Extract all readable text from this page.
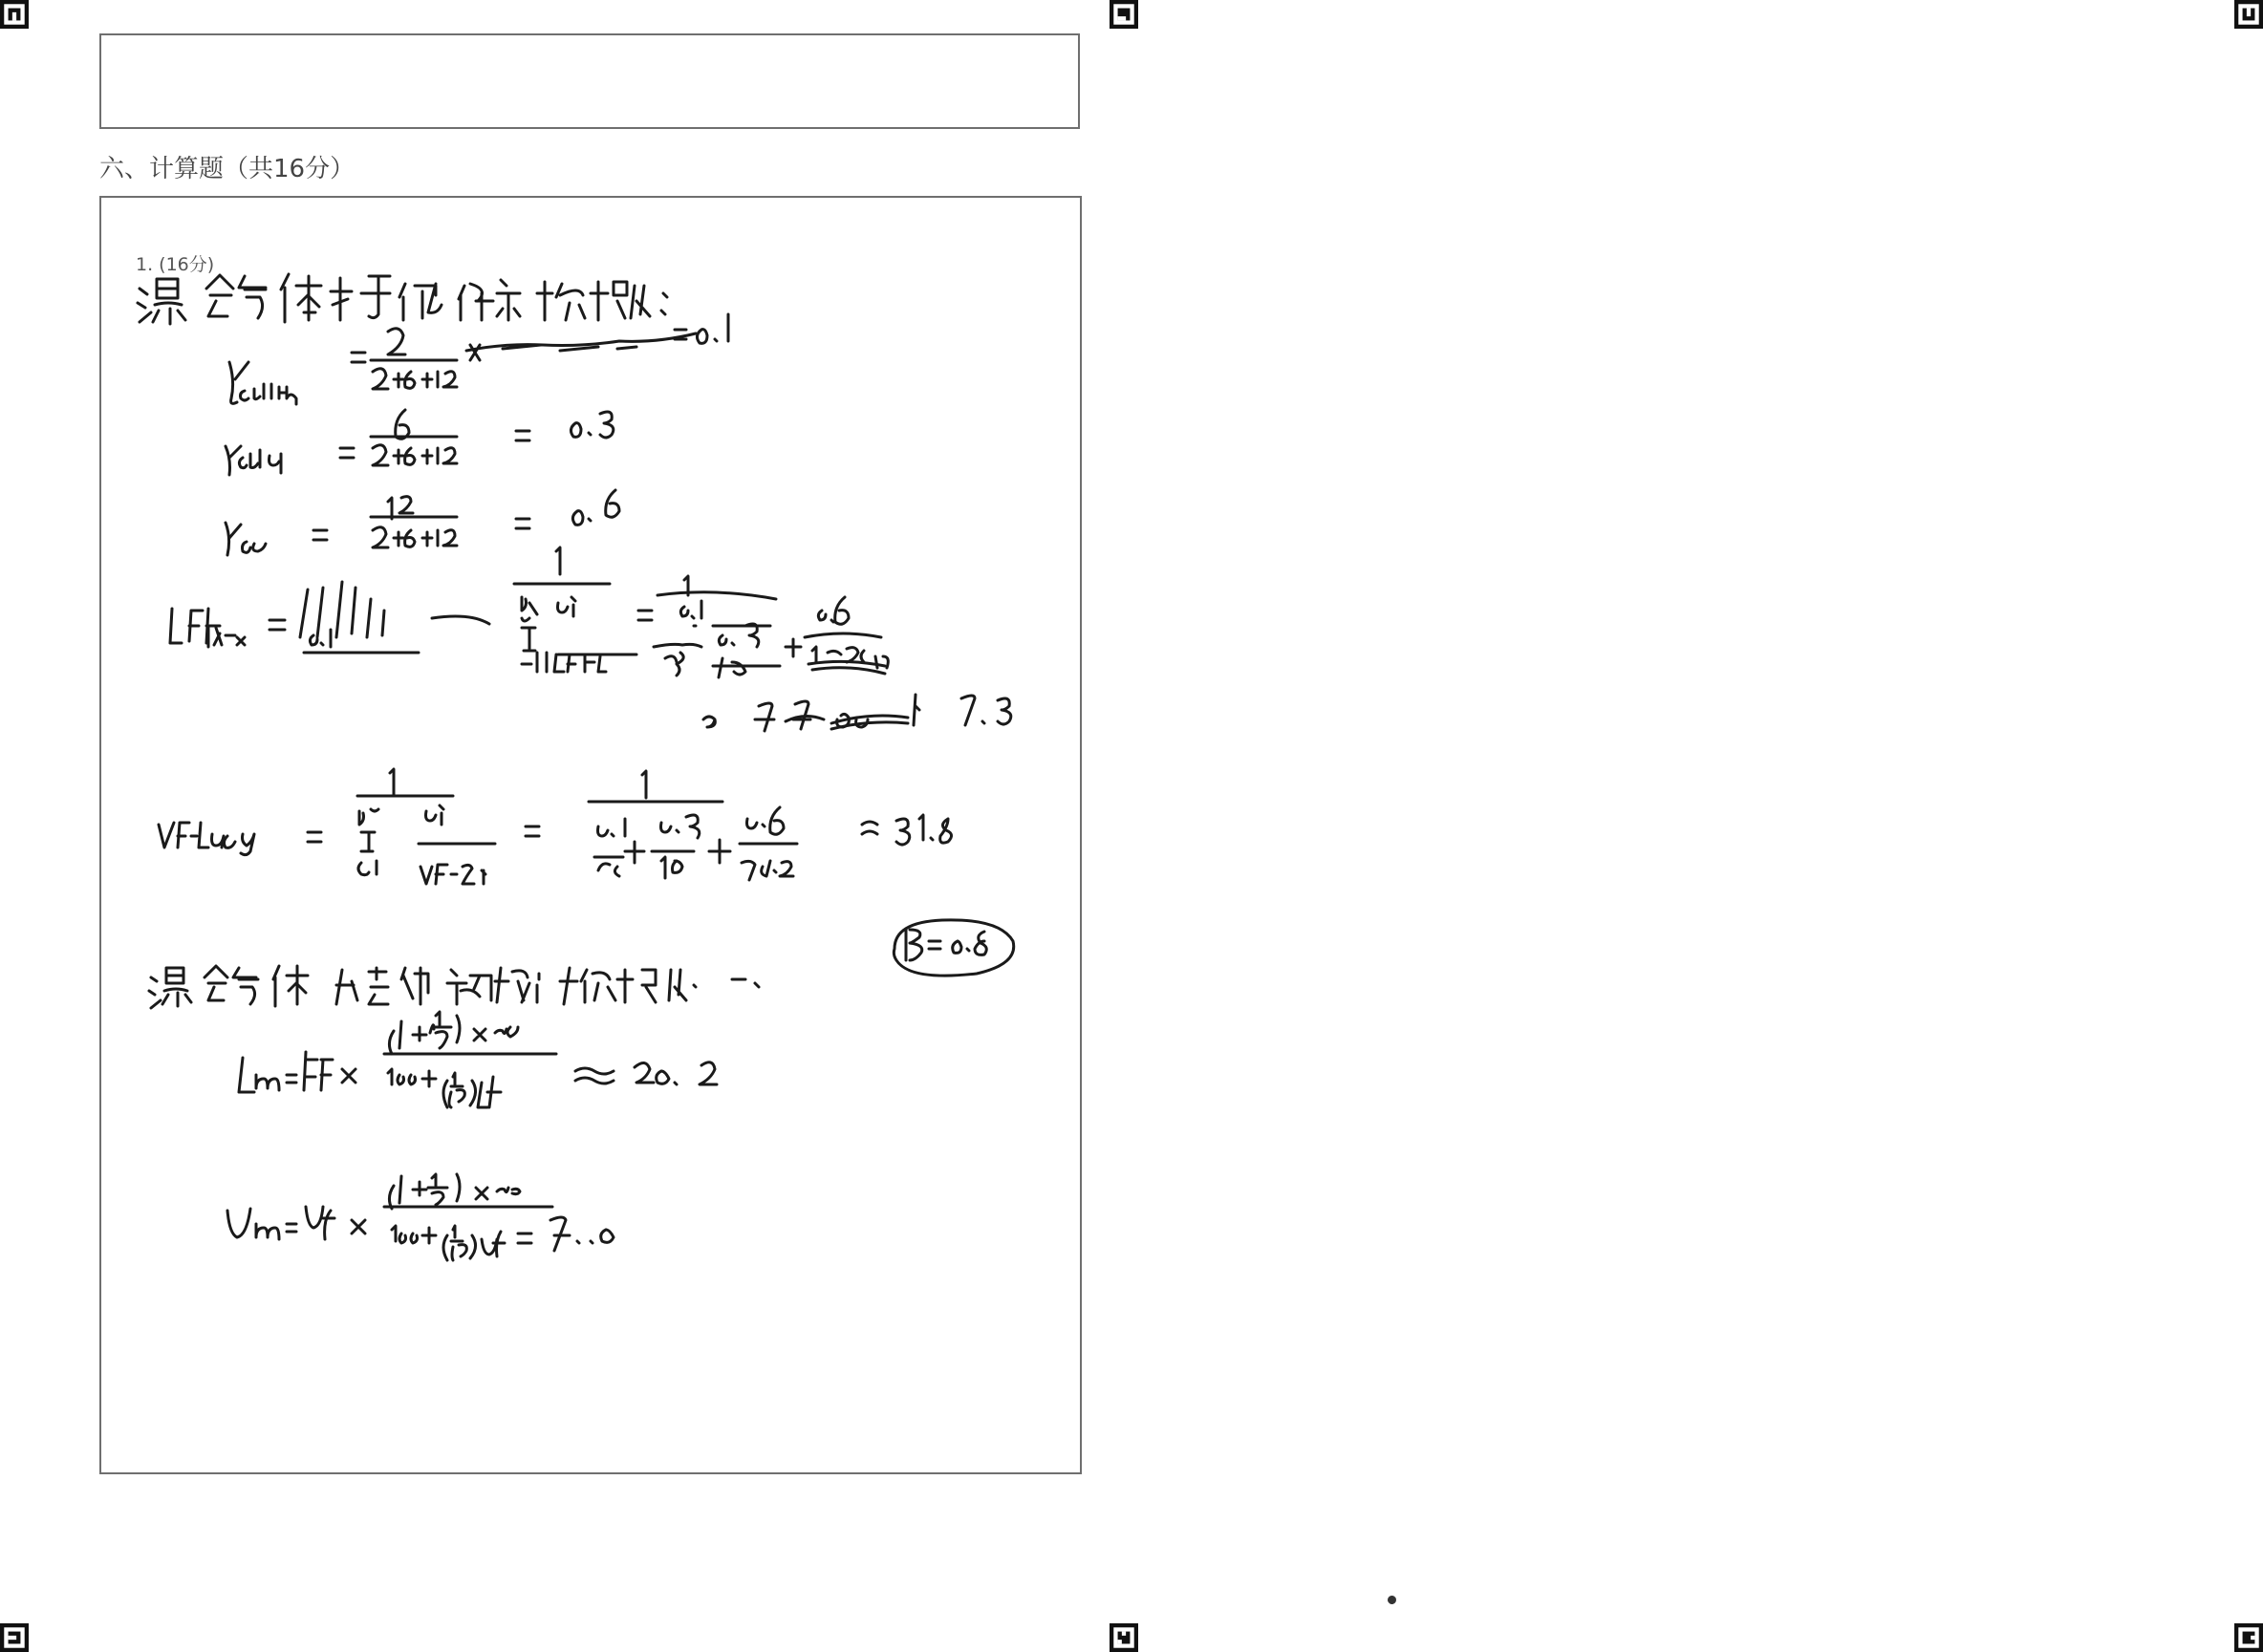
六、计算题（共16分）
1. (16分)
